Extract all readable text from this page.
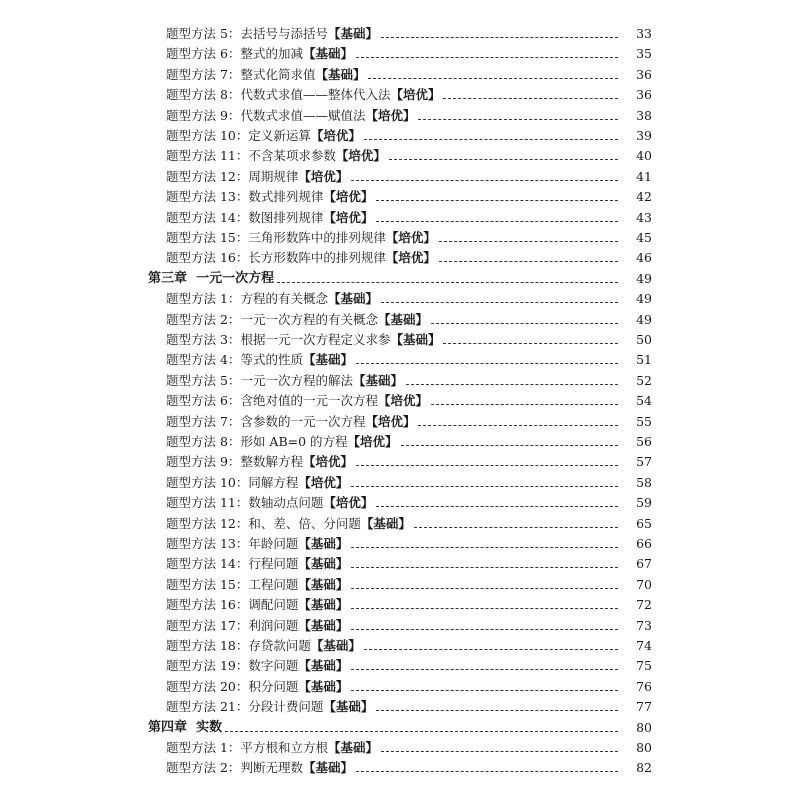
题型方法 5：去括号与添括号【基础】	33
题型方法 6：整式的加减【基础】	35
题型方法 7：整式化简求值【基础】	36
题型方法 8：代数式求值——整体代入法【培优】	36
题型方法 9：代数式求值——赋值法【培优】	38
题型方法 10：定义新运算【培优】	39
题型方法 11：不含某项求参数【培优】	40
题型方法 12：周期规律【培优】	41
题型方法 13：数式排列规律【培优】	42
题型方法 14：数图排列规律【培优】	43
题型方法 15：三角形数阵中的排列规律【培优】	45
题型方法 16：长方形数阵中的排列规律【培优】	46
第三章 一元一次方程	49
题型方法 1：方程的有关概念【基础】	49
题型方法 2：一元一次方程的有关概念【基础】	49
题型方法 3：根据一元一次方程定义求参【基础】	50
题型方法 4：等式的性质【基础】	51
题型方法 5：一元一次方程的解法【基础】	52
题型方法 6：含绝对值的一元一次方程【培优】	54
题型方法 7：含参数的一元一次方程【培优】	55
题型方法 8：形如 AB=0 的方程【培优】	56
题型方法 9：整数解方程【培优】	57
题型方法 10：同解方程【培优】	58
题型方法 11：数轴动点问题【培优】	59
题型方法 12：和、差、倍、分问题【基础】	65
题型方法 13：年龄问题【基础】	66
题型方法 14：行程问题【基础】	67
题型方法 15：工程问题【基础】	70
题型方法 16：调配问题【基础】	72
题型方法 17：利润问题【基础】	73
题型方法 18：存贷款问题【基础】	74
题型方法 19：数字问题【基础】	75
题型方法 20：积分问题【基础】	76
题型方法 21：分段计费问题【基础】	77
第四章 实数	80
题型方法 1：平方根和立方根【基础】	80
题型方法 2：判断无理数【基础】	82
